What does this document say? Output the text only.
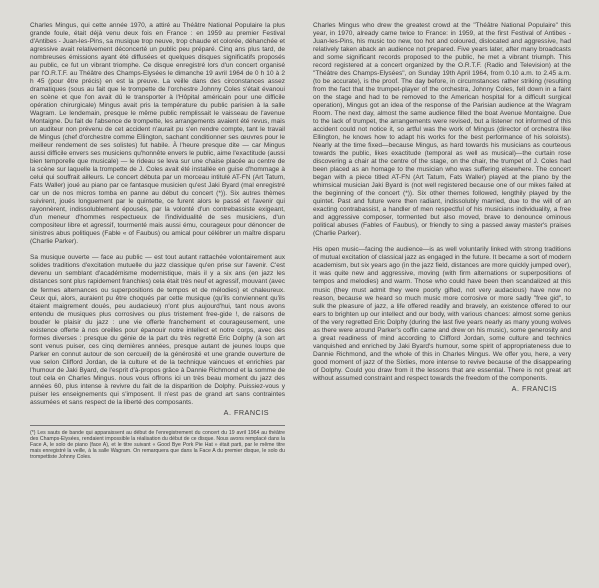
Charles Mingus, qui cette année 1970, a attiré au Théâtre National Populaire la plus grande foule, était déjà venu deux fois en France : en 1959 au premier Festival d'Antibes - Juan-les-Pins, sa musique trop neuve, trop chaude et colorée, déhanchée et agressive avait relativement déconcerté un public peu préparé. Cinq ans plus tard, de nombreuses émissions ayant été diffusées et quelques disques significatifs proposés au public, ce fut un vibrant triomphe. Ce disque enregistré lors d'un concert organisé par l'O.R.T.F. au Théâtre des Champs-Elysées le dimanche 19 avril 1964 de 0 h 10 à 2 h 45 (pour être précis) en est la preuve. La veille dans des circonstances assez dramatiques (sous au fait que le trompette de l'orchestre Johnny Coles s'était évanoui en scène et que l'on avait dû le transporter à l'Hôpital américain pour une difficile opération chirurgicale) Mingus avait pris la température du public parisien à la salle Wagram. Le lendemain, presque le même public remplissait le vaisseau de l'avenue Montaigne. Du fait de l'absence de trompette, les arrangements avaient été revus, mais un auditeur non prévenu de cet accident n'aurait pu s'en rendre compte, tant le travail de Mingus (chef d'orchestre comme Ellington, sachant conditionner ses œuvres pour le meilleur rendement de ses solistes) fut habile. À l'heure presque dite — car Mingus aussi difficile envers ses musiciens qu'honnête envers le public, aime l'exactitude (aussi bien temporelle que musicale) — le rideau se leva sur une chaise placée au centre de la scène sur laquelle la trompette de J. Coles avait été installée en guise d'hommage à celui qui souffrait ailleurs. Le concert débuta par un morceau intitulé AT-FN (Art Tatum, Fats Waller) joué au piano par ce fantasque musicien qu'est Jaki Byard (mal enregistré car un de nos micros tomba en panne au début du concert (*)). Six autres thèmes suivirent, joués longuement par le quintette, ce furent alors le passé et l'avenir qui rayonnèrent, indissolublement épousés, par la volonté d'un contrebassiste exigeant, d'un meneur d'hommes respectueux de l'individualité de ses musiciens, d'un compositeur libre et agressif, tourmenté mais aussi ému, courageux pour dénoncer de sinistres abus politiques (Fable « of Faubus) ou amical pour célébrer un maître disparu (Charlie Parker).

Sa musique ouverte — face au public — est tout autant rattachée volontairement aux solides traditions d'excitation mutuelle du jazz classique qu'en prise sur l'avenir. C'est devenu un semblant d'académisme modernistique, mais il y a six ans (en jazz les distances sont plus rapidement franchies) cela était très neuf et agressif, mouvant (avec de fermes alternances ou superpositions de tempos et de mélodies) et chaleureux. Ceux qui, alors, auraient pu être choqués par cette musique (qu'ils conviennent qu'ils étaient maigrement doués, peu audacieux) n'ont plus aujourd'hui, tant nous avons entendu de musiques plus corrosives ou plus tristement free-gide !, de raisons de bouder le plaisir du jazz : une vie offerte franchement et courageusement, une existence offerte à nos oreilles pour épanouir notre intellect et notre corps, avec des formes diverses : presque du génie de la part du très regretté Eric Dolphy (à son art sont venus puiser, ces cinq dernières années, presque autant de jeunes loups que Parker en connut autour de son cercueil) de la générosité et une grande ouverture de vue selon Clifford Jordan, de la culture et de la technique vaincues et enrichies par l'humour de Jaki Byard, de l'esprit d'à-propos grâce à Dannie Richmond et la somme de tout cela en Charles Mingus. nous vous offrons ici un très beau moment du jazz des années 60, plus intense à revivre du fait de la disparition de Dolphy. Puissiez-vous y puiser les enseignements qui s'imposent. Il n'est pas de grand art sans contraintes assumées et sans respect de la liberté des composants.

A. FRANCIS
(*) Les sauts de bande qui apparaissent au début de l'enregistrement du concert du 19 avril 1964 au théâtre des Champs-Elysées, rendaient impossible la réalisation du début de ce disque. Nous avons remplacé dans la Face A, le solo de piano (face A), et le titre suivant « Good Bye Pork Pie Hat » était parti, par le même titre mais enregistré la veille, à la salle Wagram. On remarquera que dans la Face A du premier disque, le solo du trompettiste Johnny Coles.

Charles Mingus who drew the greatest crowd at the "Théâtre National Populaire" this year, in 1970, already came twice to France: in 1959, at the first Festival of Antibes - Juan-les-Pins, his music too new, too hot and coloured, dislocated and aggressive, had relatively taken aback an audience not prepared. Five years later, after many broadcasts and some significant records proposed to the public, he met a vibrant triumph. This record registered at a concert organized by the O.R.T.F. (Radio and Television) at the "Théâtre des Champs-Elysées", on Sunday 19th April 1964, from 0.10 a.m. to 2.45 a.m. (to be accurate), is the proof. The day before, in circumstances rather striking (resulting from the fact that the trumpet-player of the orchestra, Johnny Coles, fell down in a faint on the stage and had to be removed to the American hospital for a difficult surgical operation), Mingus got an idea of the response of the Parisian audience at the Wagram Room. The next day, almost the same audience filled the boat Avenue Montaigne. Due to the lack of trumpet, the arrangements were revised, but a listener not informed of this accident could not notice it, so artful was the work of Mingus (director of orchestra like Ellington, he knows how to adapt his works for the best performance of his soloists). Nearly at the time fixed—because Mingus, as hard towards his musicians as courteous towards the public, likes exactitude (temporal as well as musical)—the curtain rose discovering a chair at the centre of the stage, on the chair, the trumpet of J. Coles had been placed as an homage to the musician who was suffering elsewhere. The concert began with a piece titled AT-FN (Art Tatum, Fats Waller) played at the piano by the whimsical musician Jaki Byard is (not well registered because one of our mikes failed at the beginning of the concert (*)). Six other themes followed, lengthily played by the quintet. Past and future were then radiant, indissolubly married, due to the will of an exacting contrabassist, a handler of men respectful of his musicians individuality, a free and aggressive composer, tormented but also moved, brave to denounce ominous political abuses (Fables of Faubus), or friendly to sing a passed away master's praises (Charlie Parker).

His open music—facing the audience—is as well voluntarily linked with strong traditions of mutual excitation of classical jazz as engaged in the future. It became a sort of modern academism, but six years ago (in the jazz field, distances are more quickly jumped over), it was quite new and aggressive, moving (with firm alternations or superpositions of tempos and melodies) and warm. Those who could have been then scandalized at this music (they must admit they were poorly gifted, not very audacious) have now no reason, because we heard so much music more corrosive or more sadly "free gid", to sulk the pleasure of jazz, a life offered readily and bravely, an existence offered to our ears to brighten up our intellect and our body, with various chances: almost some genius of the very regretted Eric Dolphy (during the last five years nearly as many young wolves as there were around Parker's coffin came and drew on his music), some generosity and a great readiness of mind according to Clifford Jordan, some culture and technics vanquished and enriched by Jaki Byard's humour, some spirit of appropriateness due to Dannie Richmond, and the whole of this in Charles Mingus. We offer you, here, a very good moment of jazz of the Sixties, more intense to revive because of the disappearing of Dolphy. Could you draw from it the lessons that are essential. There is not great art without assumed constraint and respect towards the freedom of the components.

A. FRANCIS
